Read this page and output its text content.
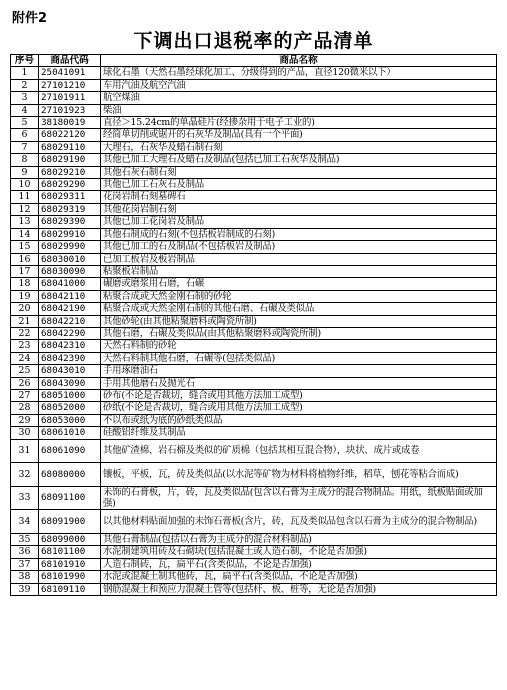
附件2
下调出口退税率的产品清单
序号	商品代码	商品名称
1	25041091	球化石墨（天然石墨经球化加工、分级得到的产品，直径120微米以下）
2	27101210	车用汽油及航空汽油
3	27101911	航空煤油
4	27101923	柴油
5	38180019	直径＞15.24cm的单晶硅片(经掺杂用于电子工业的)
6	68022120	经简单切削或锯开的石灰华及制品(具有一个平面)
7	68029110	大理石，石灰华及蜡石制石刻
8	68029190	其他已加工大理石及蜡石及制品(包括已加工石灰华及制品)
9	68029210	其他石灰石制石刻
10	68029290	其他已加工石灰石及制品
11	68029311	花岗岩制石刻墓碑石
12	68029319	其他花岗岩制石刻
13	68029390	其他已加工花岗岩及制品
14	68029910	其他石制成的石刻(不包括板岩制成的石刻)
15	68029990	其他已加工的石及制品(不包括板岩及制品)
16	68030010	已加工板岩及板岩制品
17	68030090	粘聚板岩制品
18	68041000	碾磨或磨浆用石磨，石碾
19	68042110	粘聚合成或天然金刚石制的砂轮
20	68042190	粘聚合成或天然金刚石制的其他石磨、石碾及类似品
21	68042210	其他砂轮(由其他粘聚磨料或陶瓷所制)
22	68042290	其他石磨，石碾及类似品(由其他粘聚磨料或陶瓷所制)
23	68042310	天然石料制的砂轮
24	68042390	天然石料制其他石磨，石碾等(包括类似品)
25	68043010	手用琢磨油石
26	68043090	手用其他磨石及抛光石
27	68051000	砂布(不论是否裁切，缝合或用其他方法加工成型)
28	68052000	砂纸(不论是否裁切，缝合或用其他方法加工成型)
29	68053000	不以布或纸为底的砂纸类似品
30	68061010	硅酸铝纤维及其制品
31	68061090	其他矿渣棉、岩石棉及类似的矿质棉（包括其相互混合物），块状、成片或成卷
32	68080000	镶板，平板，瓦，砖及类似品(以水泥等矿物为材料将植物纤维，稻草，刨花等粘合而成)
33	68091100	未饰的石膏板，片，砖，瓦及类似品(包含以石膏为主成分的混合物制品。用纸，纸板贴面或加强)
34	68091900	以其他材料贴面加强的未饰石膏板(含片，砖，瓦及类似品包含以石膏为主成分的混合物制品)
35	68099000	其他石膏制品(包括以石膏为主成分的混合材料制品)
36	68101100	水泥制建筑用砖及石砌块(包括混凝土或人造石制，不论是否加强)
37	68101910	人造石制砖，瓦，扁平石(含类似品，不论是否加强)
38	68101990	水泥或混凝土制其他砖，瓦，扁平石(含类似品，不论是否加强)
39	68109110	钢筋混凝土和预应力混凝土管等(包括杆、板、桩等，无论是否加强)
